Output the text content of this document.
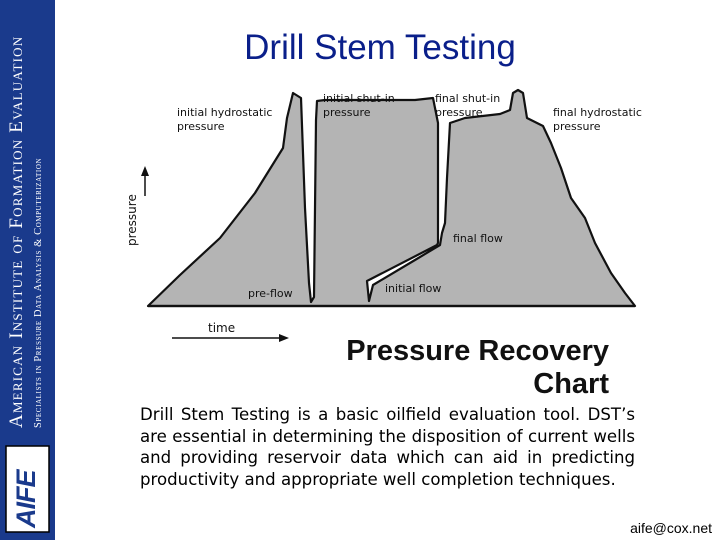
American Institute of Formation Evaluation Specialists in Pressure Data Analysis & Computerization
AIFE
Drill Stem Testing
pressure
time
initial hydrostatic
pressure
initial shut-in
pressure
final shut-in
pressure	final hydrostatic
pressure
pre-flow	initial flow
final flow
Pressure Recovery
Chart
Drill Stem Testing is a basic oilfield evaluation tool. DST’s are essential in determining the disposition of current wells and providing reservoir data which can aid in predicting productivity and appropriate well completion techniques.
aife@cox.net
